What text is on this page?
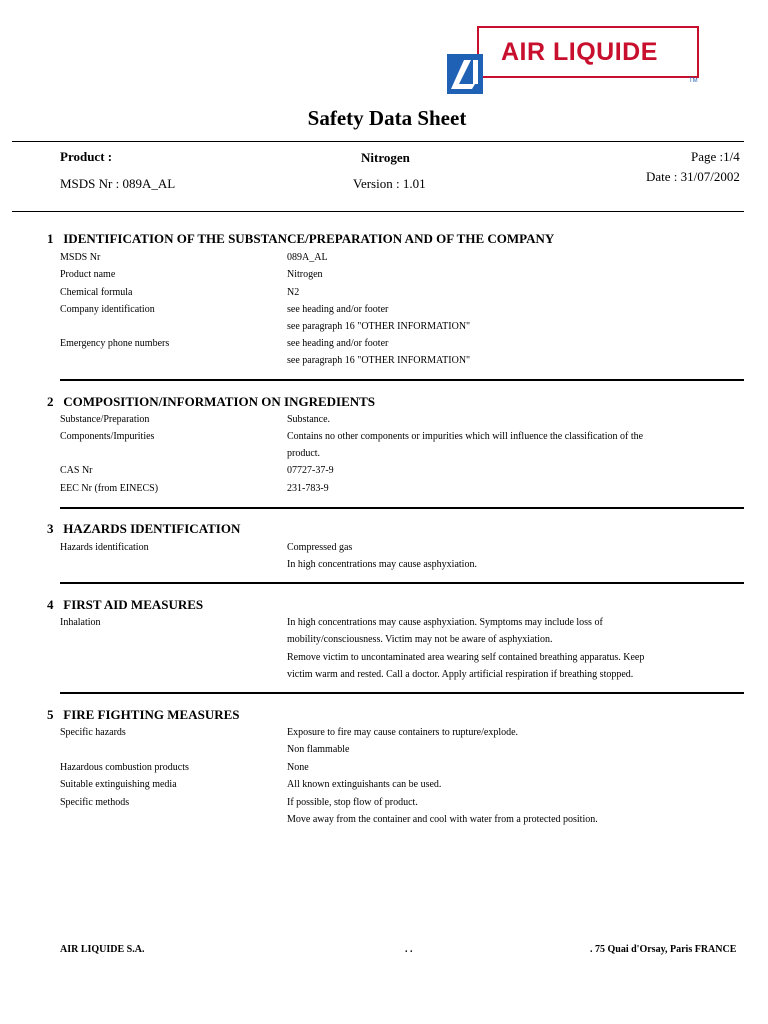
AIR LIQUIDE
TM
Safety Data Sheet
Product :	Nitrogen	Page :1/4
MSDS Nr : 089A_AL	Version : 1.01	Date : 31/07/2002
1 IDENTIFICATION OF THE SUBSTANCE/PREPARATION AND OF THE COMPANY
MSDS Nr	089A_AL
Product name	Nitrogen
Chemical formula	N2
Company identification	see heading and/or footer
see paragraph 16 "OTHER INFORMATION"
Emergency phone numbers	see heading and/or footer
see paragraph 16 "OTHER INFORMATION"
2 COMPOSITION/INFORMATION ON INGREDIENTS
Substance/Preparation	Substance.
Components/Impurities	Contains no other components or impurities which will influence the classification of the
product.
CAS Nr	07727-37-9
EEC Nr (from EINECS)	231-783-9
3 HAZARDS IDENTIFICATION
Hazards identification	Compressed gas
In high concentrations may cause asphyxiation.
4 FIRST AID MEASURES
Inhalation	In high concentrations may cause asphyxiation. Symptoms may include loss of
mobility/consciousness. Victim may not be aware of asphyxiation.
Remove victim to uncontaminated area wearing self contained breathing apparatus. Keep
victim warm and rested. Call a doctor. Apply artificial respiration if breathing stopped.
5 FIRE FIGHTING MEASURES
Specific hazards	Exposure to fire may cause containers to rupture/explode.
Non flammable
Hazardous combustion products	None
Suitable extinguishing media	All known extinguishants can be used.
Specific methods	If possible, stop flow of product.
Move away from the container and cool with water from a protected position.
AIR LIQUIDE S.A.	. .	. 75 Quai d'Orsay, Paris FRANCE
